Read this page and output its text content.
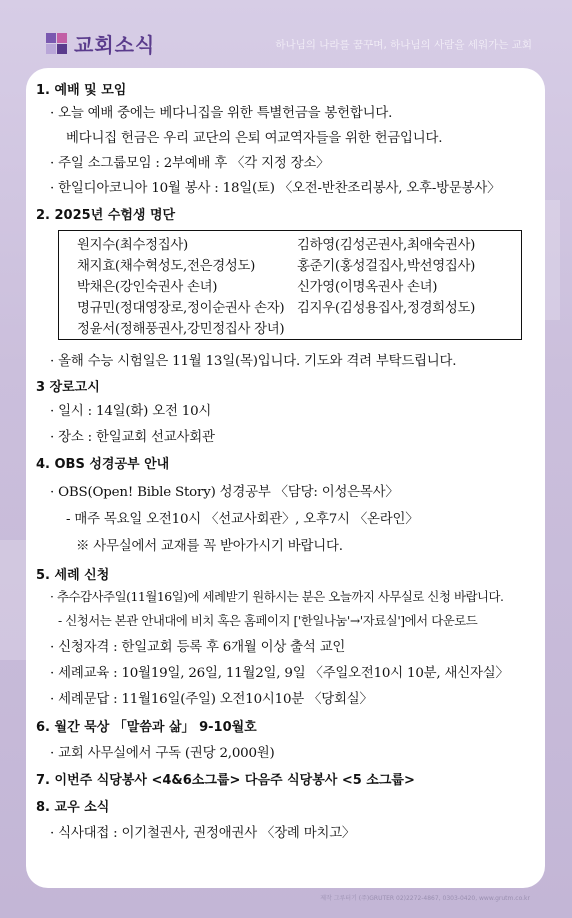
교회소식	하나님의 나라를 꿈꾸며, 하나님의 사람을 세워가는 교회
1. 예배 및 모임
· 오늘 예배 중에는 베다니집을 위한 특별헌금을 봉헌합니다.
베다니집 헌금은 우리 교단의 은퇴 여교역자들을 위한 헌금입니다.
· 주일 소그룹모임 : 2부예배 후 〈각 지정 장소〉
· 한일디아코니아 10월 봉사 : 18일(토) 〈오전-반찬조리봉사, 오후-방문봉사〉
2. 2025년 수험생 명단
원지수(최수정집사)	김하영(김성곤권사,최애숙권사)
채지효(채수혁성도,전은경성도)	홍준기(홍성걸집사,박선영집사)
박채은(강인숙권사 손녀)	신가영(이명옥권사 손녀)
명규민(정대영장로,정이순권사 손자) 김지우(김성용집사,정경희성도)
정윤서(정해풍권사,강민정집사 장녀)
· 올해 수능 시험일은 11월 13일(목)입니다. 기도와 격려 부탁드립니다.
3 장로고시
· 일시 : 14일(화) 오전 10시
· 장소 : 한일교회 선교사회관
4. OBS 성경공부 안내
· OBS(Open! Bible Story) 성경공부 〈담당: 이성은목사〉
- 매주 목요일 오전10시 〈선교사회관〉, 오후7시 〈온라인〉
※ 사무실에서 교재를 꼭 받아가시기 바랍니다.
5. 세례 신청
· 추수감사주일(11월16일)에 세례받기 원하시는 분은 오늘까지 사무실로 신청 바랍니다.
- 신청서는 본관 안내대에 비치 혹은 홈페이지 ['한일나눔'→'자료실']에서 다운로드
· 신청자격 : 한일교회 등록 후 6개월 이상 출석 교인
· 세례교육 : 10월19일, 26일, 11월2일, 9일 〈주일오전10시 10분, 새신자실〉
· 세례문답 : 11월16일(주일) 오전10시10분 〈당회실〉
6. 월간 묵상 「말씀과 삶」 9-10월호
· 교회 사무실에서 구독 (권당 2,000원)
7. 이번주 식당봉사 <4&6소그룹> 다음주 식당봉사 <5 소그룹>
8. 교우 소식
· 식사대접 : 이기철권사, 권정애권사 〈장례 마치고〉
제작 그루터기 (주)GRUTER 02)2272-4867, 0303-0420, www.grutm.co.kr
